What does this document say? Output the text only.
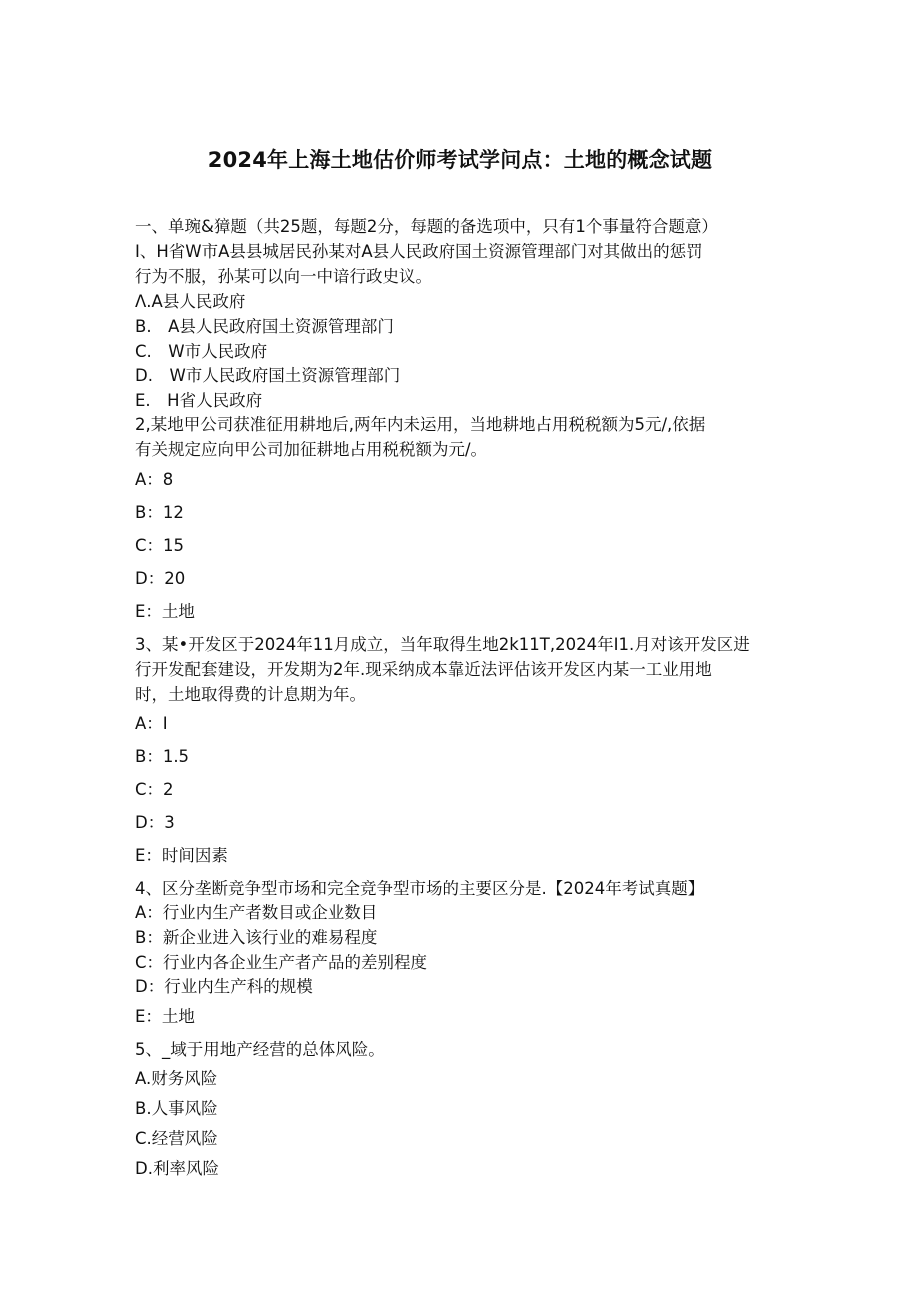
2024年上海土地估价师考试学问点：土地的概念试题
一、单琬&獐题（共25题，每题2分，每题的备选项中，只有1个事量符合题意）
I、H省W市A县县城居民孙某对A县人民政府国土资源管理部门对其做出的惩罚
行为不服，孙某可以向一中谙行政史议。
Λ.A县人民政府
B.　A县人民政府国土资源管理部门
C.　W市人民政府
D.　W市人民政府国土资源管理部门
E.　H省人民政府
2,某地甲公司获准征用耕地后,两年内未运用，当地耕地占用税税额为5元/,依据
有关规定应向甲公司加征耕地占用税税额为元/。
A：8
B：12
C：15
D：20
E：土地
3、某•开发区于2024年11月成立，当年取得生地2k11T,2024年I1.月对该开发区进
行开发配套建设，开发期为2年.现采纳成本靠近法评估该开发区内某一工业用地
时，土地取得费的计息期为年。
A：I
B：1.5
C：2
D：3
E：时间因素
4、区分垄断竞争型市场和完全竞争型市场的主要区分是.【2024年考试真题】
A：行业内生产者数目或企业数目
B：新企业进入该行业的难易程度
C：行业内各企业生产者产品的差别程度
D：行业内生产科的规模
E：土地
5、_域于用地产经营的总体风险。
A.财务风险
B.人事风险
C.经营风险
D.利率风险
